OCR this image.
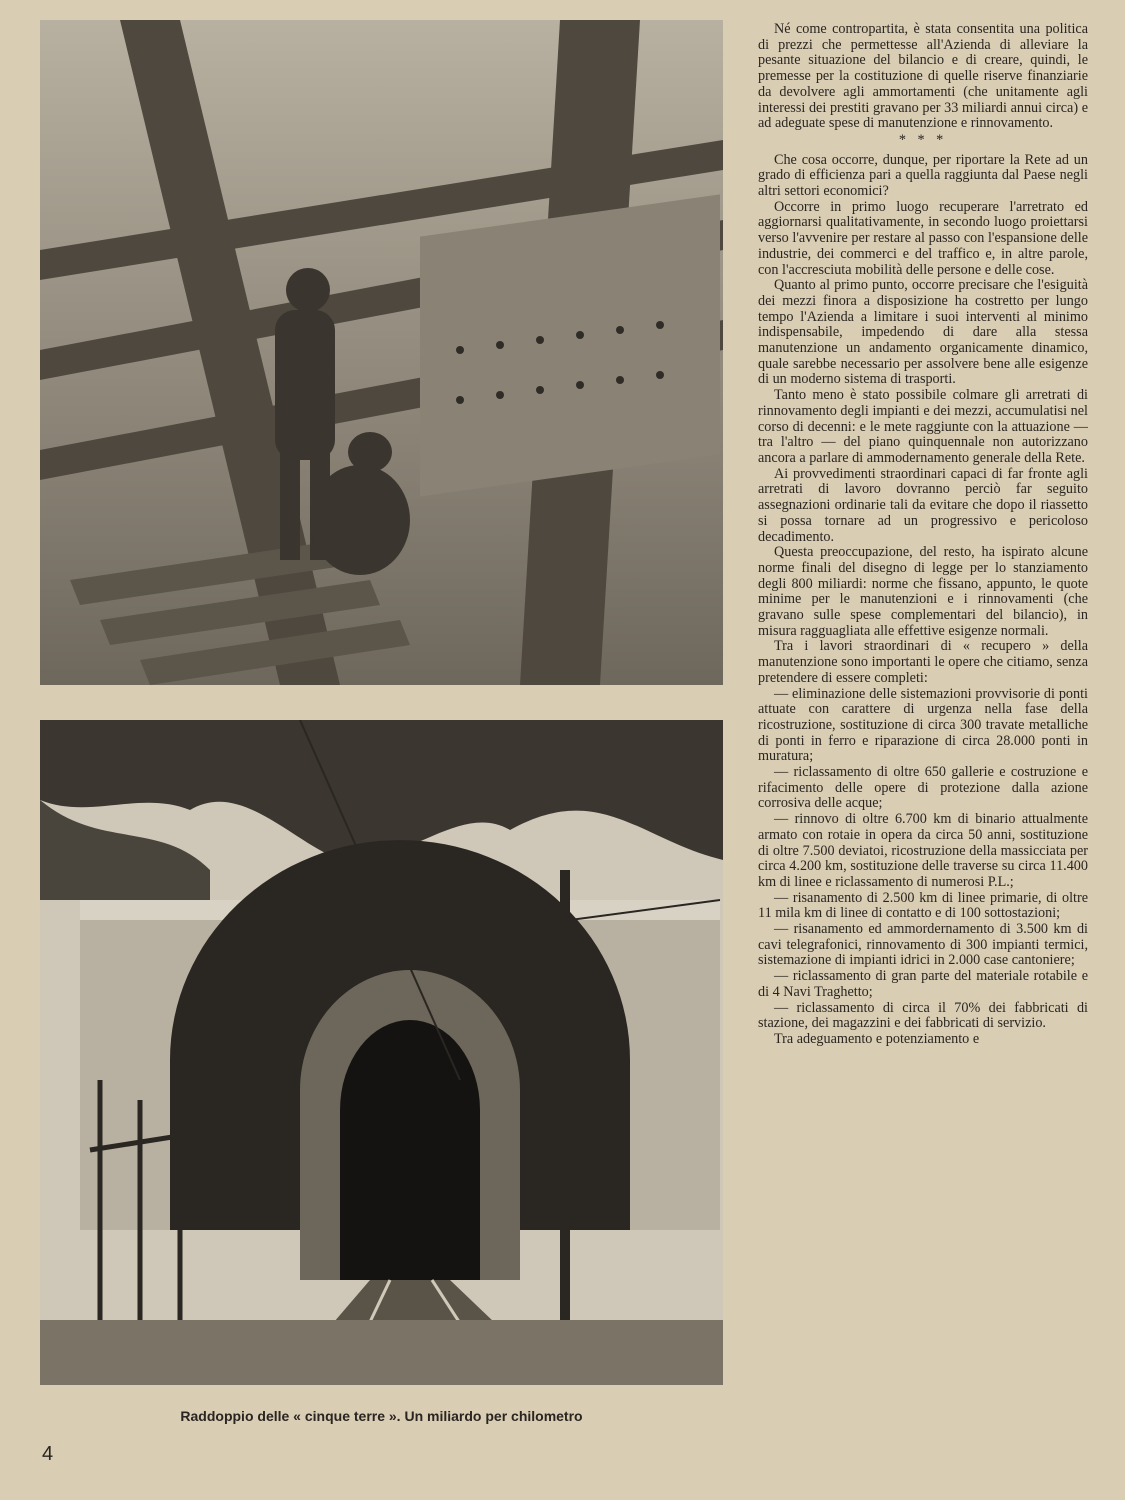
Raddoppio delle « cinque terre ». Un miliardo per chilometro
4

Né come contropartita, è stata consentita una politica di prezzi che permettesse all'Azienda di alleviare la pesante situazione del bilancio e di creare, quindi, le premesse per la costituzione di quelle riserve finanziarie da devolvere agli ammortamenti (che unitamente agli interessi dei prestiti gravano per 33 miliardi annui circa) e ad adeguate spese di manutenzione e rinnovamento.

* * *

Che cosa occorre, dunque, per riportare la Rete ad un grado di efficienza pari a quella raggiunta dal Paese negli altri settori economici?

Occorre in primo luogo recuperare l'arretrato ed aggiornarsi qualitativamente, in secondo luogo proiettarsi verso l'avvenire per restare al passo con l'espansione delle industrie, dei commerci e del traffico e, in altre parole, con l'accresciuta mobilità delle persone e delle cose.

Quanto al primo punto, occorre precisare che l'esiguità dei mezzi finora a disposizione ha costretto per lungo tempo l'Azienda a limitare i suoi interventi al minimo indispensabile, impedendo di dare alla stessa manutenzione un andamento organicamente dinamico, quale sarebbe necessario per assolvere bene alle esigenze di un moderno sistema di trasporti.

Tanto meno è stato possibile colmare gli arretrati di rinnovamento degli impianti e dei mezzi, accumulatisi nel corso di decenni: e le mete raggiunte con la attuazione — tra l'altro — del piano quinquennale non autorizzano ancora a parlare di ammodernamento generale della Rete.

Ai provvedimenti straordinari capaci di far fronte agli arretrati di lavoro dovranno perciò far seguito assegnazioni ordinarie tali da evitare che dopo il riassetto si possa tornare ad un progressivo e pericoloso decadimento.

Questa preoccupazione, del resto, ha ispirato alcune norme finali del disegno di legge per lo stanziamento degli 800 miliardi: norme che fissano, appunto, le quote minime per le manutenzioni e i rinnovamenti (che gravano sulle spese complementari del bilancio), in misura ragguagliata alle effettive esigenze normali.

Tra i lavori straordinari di « recupero » della manutenzione sono importanti le opere che citiamo, senza pretendere di essere completi:

— eliminazione delle sistemazioni provvisorie di ponti attuate con carattere di urgenza nella fase della ricostruzione, sostituzione di circa 300 travate metalliche di ponti in ferro e riparazione di circa 28.000 ponti in muratura;

— riclassamento di oltre 650 gallerie e costruzione e rifacimento delle opere di protezione dalla azione corrosiva delle acque;

— rinnovo di oltre 6.700 km di binario attualmente armato con rotaie in opera da circa 50 anni, sostituzione di oltre 7.500 deviatoi, ricostruzione della massicciata per circa 4.200 km, sostituzione delle traverse su circa 11.400 km di linee e riclassamento di numerosi P.L.;

— risanamento di 2.500 km di linee primarie, di oltre 11 mila km di linee di contatto e di 100 sottostazioni;

— risanamento ed ammordernamento di 3.500 km di cavi telegrafonici, rinnovamento di 300 impianti termici, sistemazione di impianti idrici in 2.000 case cantoniere;

— riclassamento di gran parte del materiale rotabile e di 4 Navi Traghetto;

— riclassamento di circa il 70% dei fabbricati di stazione, dei magazzini e dei fabbricati di servizio.

Tra adeguamento e potenziamento e
